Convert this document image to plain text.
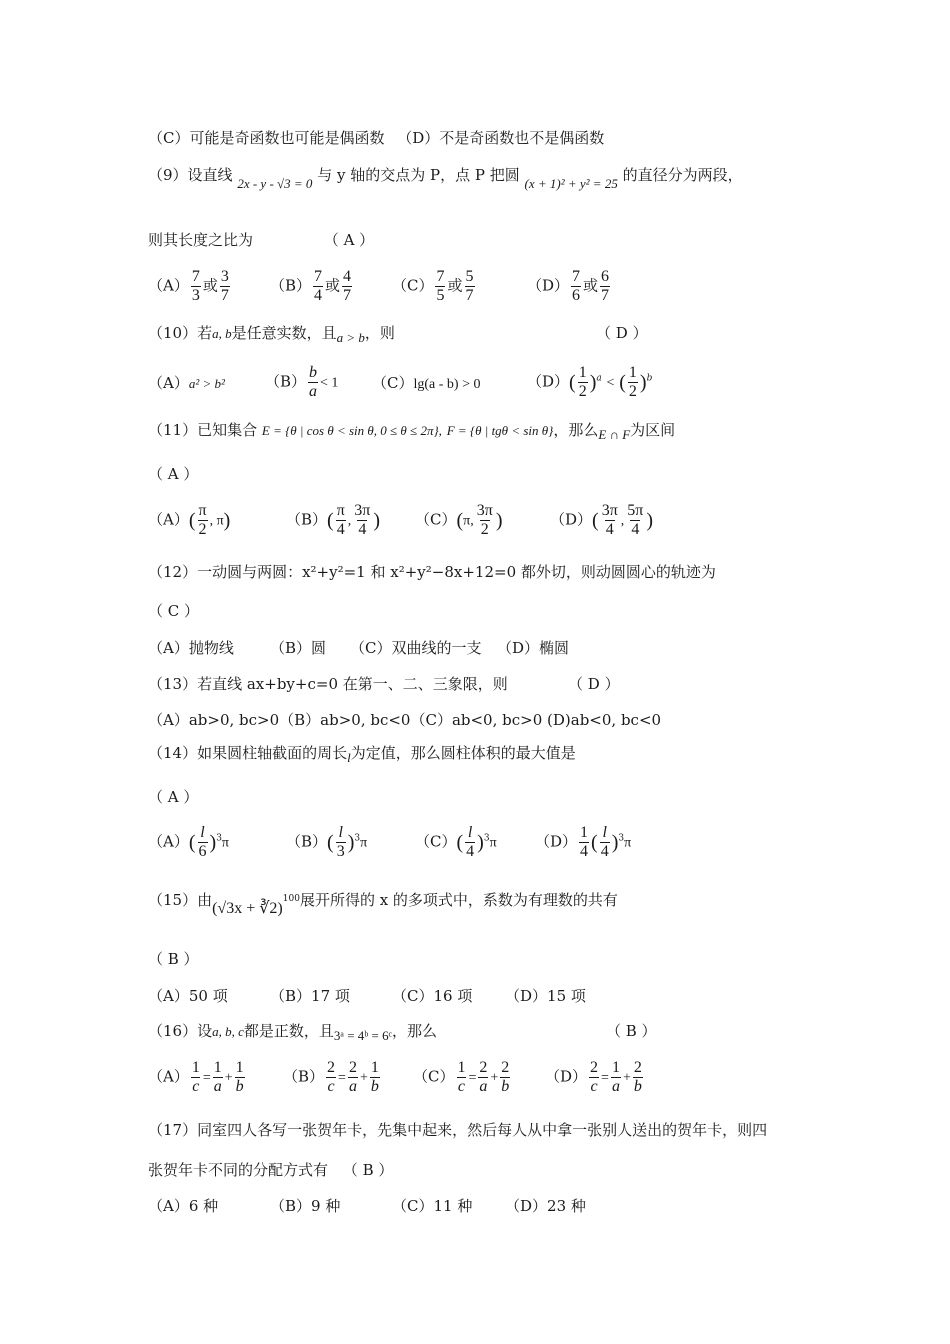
（C）可能是奇函数也可能是偶函数 （D）不是奇函数也不是偶函数
（9）设直线 2x - y - √3 = 0 与 y 轴的交点为 P，点 P 把圆 (x + 1)² + y² = 25 的直径分为两段，
则其长度之比为	（ A ）
$(A) \frac{7}{3}$ 或 $\frac{3}{7}$	$(B) \frac{7}{4}$ 或 $\frac{4}{7}$	$(C) \frac{7}{5}$ 或 $\frac{5}{7}$	$(D) \frac{7}{6}$ 或 $\frac{6}{7}$
（10）若a, b是任意实数，且a > b，则	（ D ）
（A）a² > b²	$(B) \frac{b}{a} < 1$ （C）lg(a - b) > 0	$(D)( \frac{1}{2} )^a$ < ( $\frac{1}{2} )^b$
（11）已知集合 E = {θ | cos θ < sin θ, 0 ≤ θ ≤ 2π}, F = {θ | tgθ < sin θ}，那么E ∩ F为区间
（ A ）
$(A)( \frac{\pi}{2}$ , π)	$(B)( \frac{\pi}{4}$ , $\frac{3\pi}{4}$ ) （C）(π, $\frac{3\pi}{2}$ )	$(D)( \frac{3\pi}{4}$ , $\frac{5\pi}{4}$ )
（12）一动圆与两圆：x²+y²=1 和 x²+y²−8x+12=0 都外切，则动圆圆心的轨迹为
（ C ）
（A）抛物线 （B）圆 （C）双曲线的一支 （D）椭圆
（13）若直线 ax+by+c=0 在第一、二、三象限，则	（ D ）
（A）ab>0, bc>0（B）ab>0, bc<0（C）ab<0, bc>0 (D)ab<0, bc<0
（14）如果圆柱轴截面的周长l为定值，那么圆柱体积的最大值是
（ A ）
$(A)( \frac{l}{6} )^3\pi$	$(B)( \frac{l}{3} )^3\pi$	$(C)( \frac{l}{4} )^3\pi$	$(D) \frac{1}{4}$ ( $\frac{l}{4} )^3\pi$
（15）由(√3x + ∛2)$^{100}$展开所得的 x 的多项式中，系数为有理数的共有
（ B ）
（A）50 项	（B）17 项	（C）16 项 （D）15 项
（16）设a, b, c都是正数，且3ᵃ = 4ᵇ = 6ᶜ，那么	（ B ）
$(A) \frac{1}{c} = \frac{1}{a} + \frac{1}{b}$	$(B) \frac{2}{c} = \frac{2}{a} + \frac{1}{b} (C) \frac{1}{c} = \frac{2}{a} + \frac{2}{b} (D) \frac{2}{c} = \frac{1}{a} + \frac{2}{b}$
（17）同室四人各写一张贺年卡，先集中起来，然后每人从中拿一张别人送出的贺年卡，则四
张贺年卡不同的分配方式有 （ B ）
（A）6 种	（B）9 种	（C）11 种 （D）23 种
